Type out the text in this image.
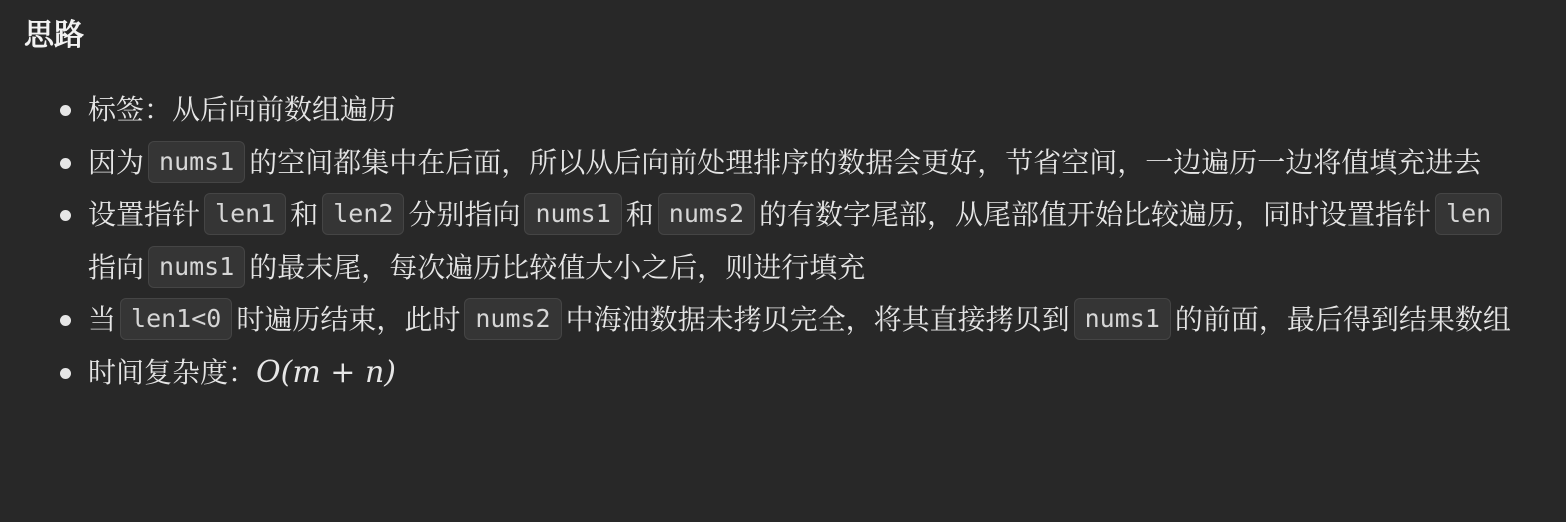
思路
标签：从后向前数组遍历
因为 nums1 的空间都集中在后面，所以从后向前处理排序的数据会更好，节省空间，一边遍历一边将值填充进去
设置指针 len1 和 len2 分别指向 nums1 和 nums2 的有数字尾部，从尾部值开始比较遍历，同时设置指针 len指向 nums1 的最末尾，每次遍历比较值大小之后，则进行填充
当 len1<0 时遍历结束，此时 nums2 中海油数据未拷贝完全，将其直接拷贝到 nums1 的前面，最后得到结果数组
时间复杂度：O(m + n)
